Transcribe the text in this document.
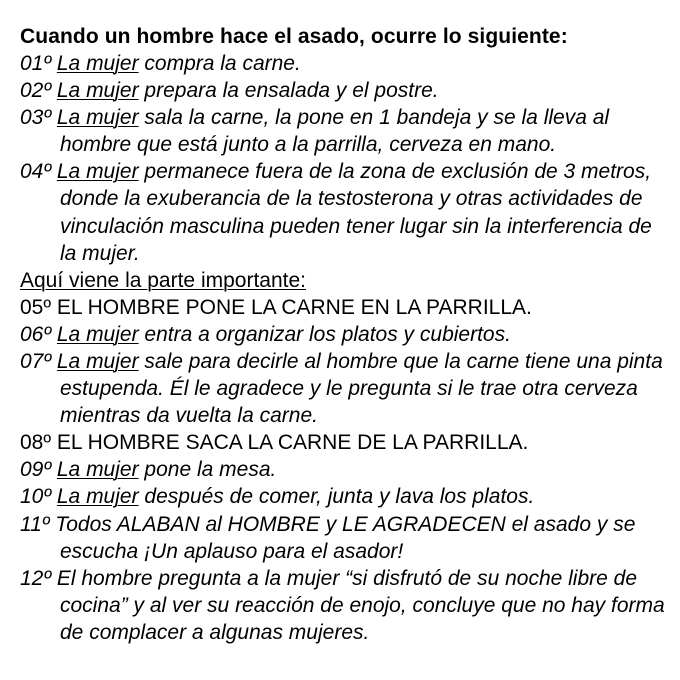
Cuando un hombre hace el asado, ocurre lo siguiente:
01º La mujer compra la carne.
02º La mujer prepara la ensalada y el postre.
03º La mujer sala la carne, la pone en 1 bandeja y se la lleva al hombre que está junto a la parrilla, cerveza en mano.
04º La mujer permanece fuera de la zona de exclusión de 3 metros, donde la exuberancia de la testosterona y otras actividades de vinculación masculina pueden tener lugar sin la interferencia de la mujer.
Aquí viene la parte importante:
05º EL HOMBRE PONE LA CARNE EN LA PARRILLA.
06º La mujer entra a organizar los platos y cubiertos.
07º La mujer sale para decirle al hombre que la carne tiene una pinta estupenda. Él le agradece y le pregunta si le trae otra cerveza mientras da vuelta la carne.
08º EL HOMBRE SACA LA CARNE DE LA PARRILLA.
09º La mujer pone la mesa.
10º La mujer después de comer, junta y lava los platos.
11º Todos ALABAN al HOMBRE y LE AGRADECEN el asado y se escucha ¡Un aplauso para el asador!
12º El hombre pregunta a la mujer “si disfrutó de su noche libre de cocina” y al ver su reacción de enojo, concluye que no hay forma de complacer a algunas mujeres.
